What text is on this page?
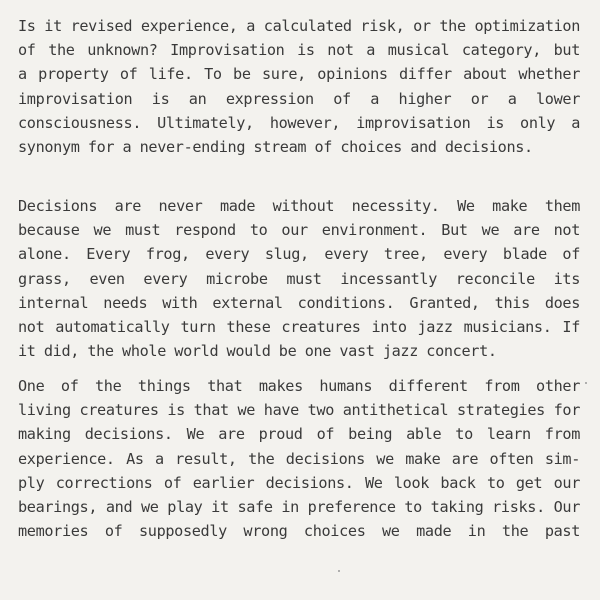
Is it revised experience, a calculated risk, or the optimization
of the unknown? Improvisation is not a musical category, but
a property of life. To be sure, opinions differ about whether
improvisation is an expression of a higher or a lower
consciousness. Ultimately, however, improvisation is only a
synonym for a never-ending stream of choices and decisions.

Decisions are never made without necessity. We make them
because we must respond to our environment. But we are not
alone. Every frog, every slug, every tree, every blade of
grass, even every microbe must incessantly reconcile its
internal needs with external conditions. Granted, this does
not automatically turn these creatures into jazz musicians. If
it did, the whole world would be one vast jazz concert.

One of the things that makes humans different from other
living creatures is that we have two antithetical strategies for
making decisions. We are proud of being able to learn from
experience. As a result, the decisions we make are often sim-
ply corrections of earlier decisions. We look back to get our
bearings, and we play it safe in preference to taking risks. Our
memories of supposedly wrong choices we made in the past
